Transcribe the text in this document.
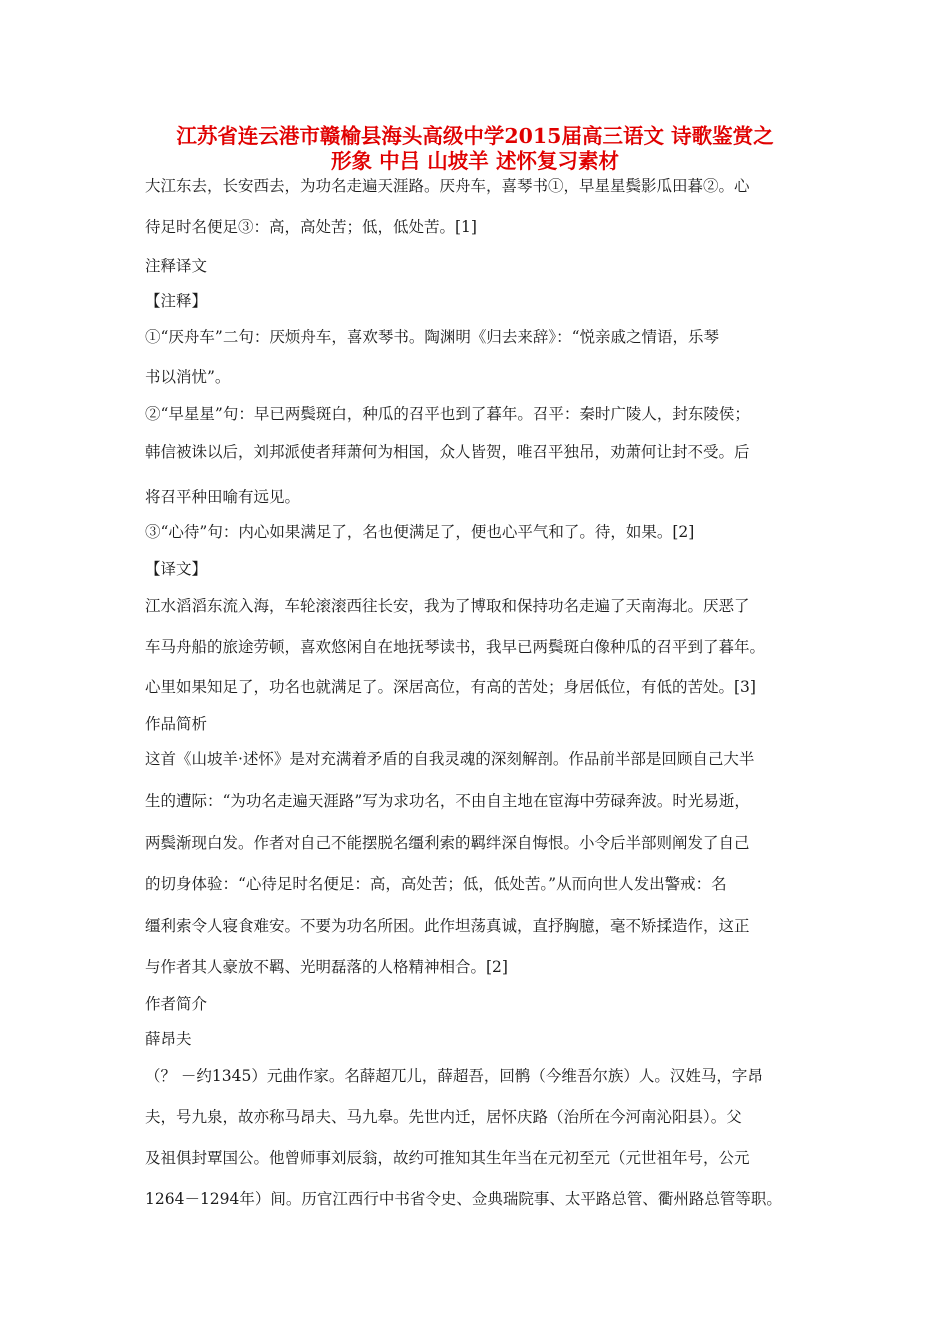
江苏省连云港市赣榆县海头高级中学2015届高三语文 诗歌鉴赏之
形象 中吕 山坡羊 述怀复习素材
大江东去，长安西去，为功名走遍天涯路。厌舟车，喜琴书①，早星星鬓影瓜田暮②。心
待足时名便足③：高，高处苦；低，低处苦。[1]
注释译文
【注释】
①“厌舟车”二句：厌烦舟车，喜欢琴书。陶渊明《归去来辞》：“悦亲戚之情语，乐琴
书以消忧”。
②“早星星”句：早已两鬓斑白，种瓜的召平也到了暮年。召平：秦时广陵人，封东陵侯；
韩信被诛以后，刘邦派使者拜萧何为相国，众人皆贺，唯召平独吊，劝萧何让封不受。后
将召平种田喻有远见。
③“心待”句：内心如果满足了，名也便满足了，便也心平气和了。待，如果。[2]
【译文】
江水滔滔东流入海，车轮滚滚西往长安，我为了博取和保持功名走遍了天南海北。厌恶了
车马舟船的旅途劳顿，喜欢悠闲自在地抚琴读书，我早已两鬓斑白像种瓜的召平到了暮年。
心里如果知足了，功名也就满足了。深居高位，有高的苦处；身居低位，有低的苦处。[3]
作品简析
这首《山坡羊·述怀》是对充满着矛盾的自我灵魂的深刻解剖。作品前半部是回顾自己大半
生的遭际：“为功名走遍天涯路”写为求功名，不由自主地在宦海中劳碌奔波。时光易逝，
两鬓渐现白发。作者对自己不能摆脱名缰利索的羁绊深自悔恨。小令后半部则阐发了自己
的切身体验：“心待足时名便足：高，高处苦；低，低处苦。”从而向世人发出警戒：名
缰利索令人寝食难安。不要为功名所困。此作坦荡真诚，直抒胸臆，毫不矫揉造作，这正
与作者其人豪放不羁、光明磊落的人格精神相合。[2]
作者简介
薛昂夫
（？ －约1345）元曲作家。名薛超兀儿，薛超吾，回鹘（今维吾尔族）人。汉姓马，字昂
夫，号九泉，故亦称马昂夫、马九皋。先世内迁，居怀庆路（治所在今河南沁阳县）。父
及祖俱封覃国公。他曾师事刘辰翁，故约可推知其生年当在元初至元（元世祖年号，公元
1264－1294年）间。历官江西行中书省令史、佥典瑞院事、太平路总管、衢州路总管等职。
